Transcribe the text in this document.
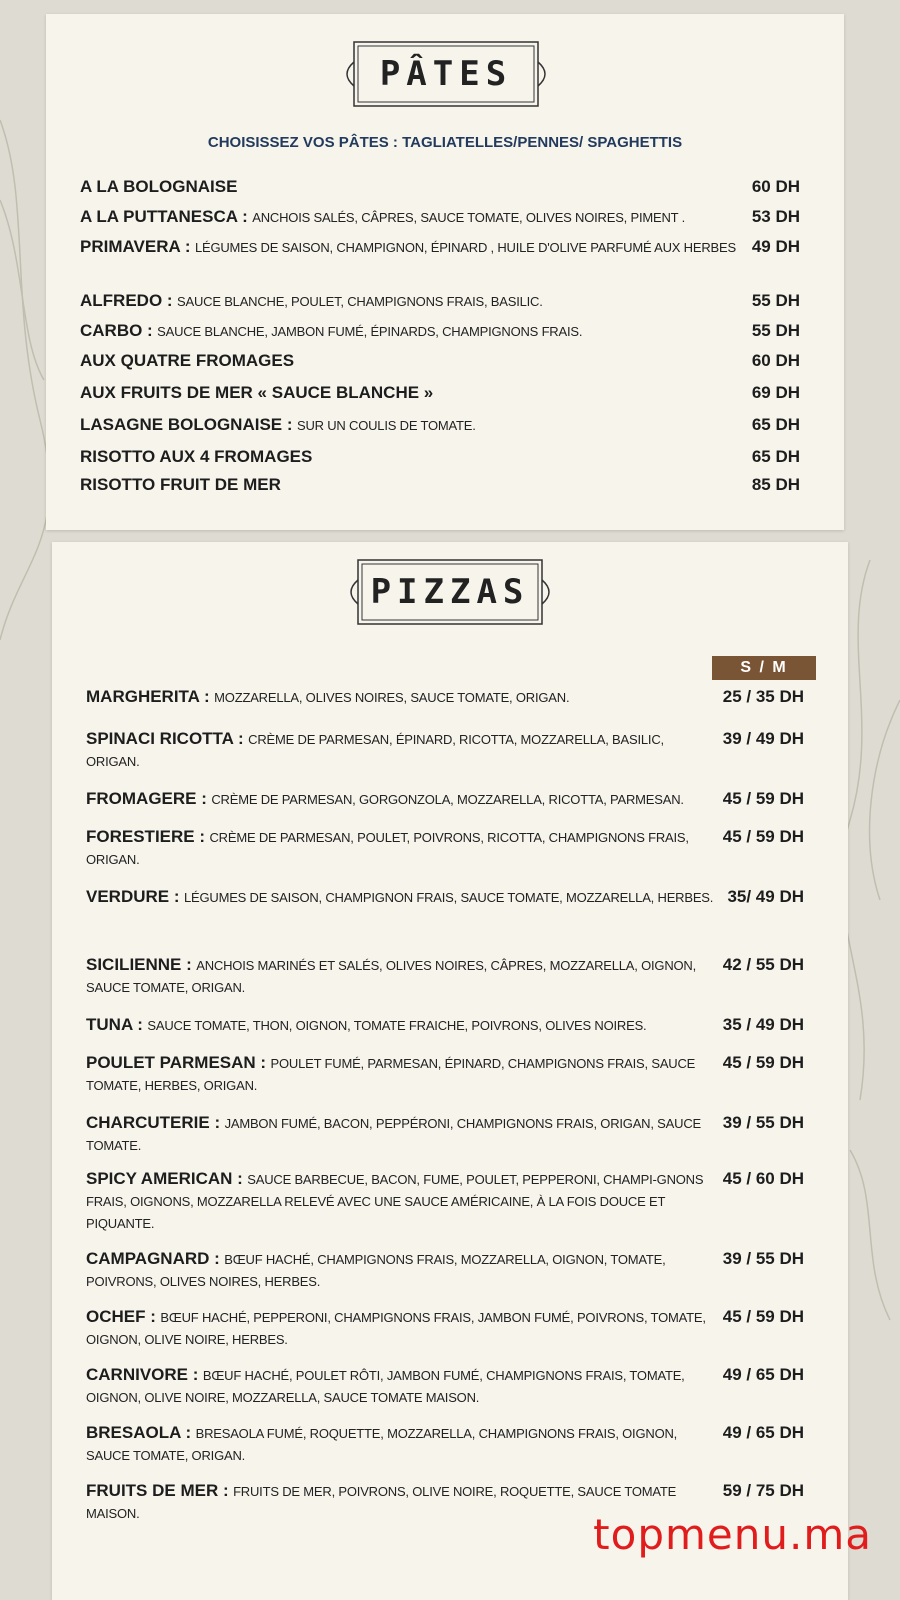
PÂTES
CHOISISSEZ VOS PÂTES : TAGLIATELLES/PENNES/ SPAGHETTIS
A LA BOLOGNAISE	60 DH
A LA PUTTANESCA : ANCHOIS SALÉS, CÂPRES, SAUCE TOMATE, OLIVES NOIRES, PIMENT .	53 DH
PRIMAVERA : LÉGUMES DE SAISON, CHAMPIGNON, ÉPINARD , HUILE D'OLIVE PARFUMÉ AUX HERBES 49 DH
ALFREDO : SAUCE BLANCHE, POULET, CHAMPIGNONS FRAIS, BASILIC.	55 DH
CARBO : SAUCE BLANCHE, JAMBON FUMÉ, ÉPINARDS, CHAMPIGNONS FRAIS.	55 DH
AUX QUATRE FROMAGES	60 DH
AUX FRUITS DE MER « SAUCE BLANCHE »	69 DH
LASAGNE BOLOGNAISE : SUR UN COULIS DE TOMATE.	65 DH
RISOTTO AUX 4 FROMAGES	65 DH
RISOTTO FRUIT DE MER	85 DH
PIZZAS
S / M
MARGHERITA : MOZZARELLA, OLIVES NOIRES, SAUCE TOMATE, ORIGAN.	25 / 35 DH
SPINACI RICOTTA : CRÈME DE PARMESAN, ÉPINARD, RICOTTA, MOZZARELLA, BASILIC, ORIGAN.
39 / 49 DH
FROMAGERE : CRÈME DE PARMESAN, GORGONZOLA, MOZZARELLA, RICOTTA, PARMESAN.	45 / 59 DH
FORESTIERE : CRÈME DE PARMESAN, POULET, POIVRONS, RICOTTA, CHAMPIGNONS FRAIS, ORIGAN.
45 / 59 DH
VERDURE : LÉGUMES DE SAISON, CHAMPIGNON FRAIS, SAUCE TOMATE, MOZZARELLA, HERBES. 35/ 49 DH
SICILIENNE : ANCHOIS MARINÉS ET SALÉS, OLIVES NOIRES, CÂPRES, MOZZARELLA, OIGNON, SAUCE TOMATE, ORIGAN.
42 / 55 DH
TUNA : SAUCE TOMATE, THON, OIGNON, TOMATE FRAICHE, POIVRONS, OLIVES NOIRES.	35 / 49 DH
POULET PARMESAN : POULET FUMÉ, PARMESAN, ÉPINARD, CHAMPIGNONS FRAIS, SAUCE TOMATE, HERBES, ORIGAN.
45 / 59 DH
CHARCUTERIE : JAMBON FUMÉ, BACON, PEPPÉRONI, CHAMPIGNONS FRAIS, ORIGAN, SAUCE TOMATE.
39 / 55 DH
SPICY AMERICAN : SAUCE BARBECUE, BACON, FUME, POULET, PEPPERONI, CHAMPI-GNONS FRAIS, OIGNONS, MOZZARELLA RELEVÉ AVEC UNE SAUCE AMÉRICAINE, À LA FOIS DOUCE ET PIQUANTE.
45 / 60 DH
CAMPAGNARD : BŒUF HACHÉ, CHAMPIGNONS FRAIS, MOZZARELLA, OIGNON, TOMATE, POIVRONS, OLIVES NOIRES, HERBES.
39 / 55 DH
OCHEF : BŒUF HACHÉ, PEPPERONI, CHAMPIGNONS FRAIS, JAMBON FUMÉ, POIVRONS, TOMATE, OIGNON, OLIVE NOIRE, HERBES.
45 / 59 DH
CARNIVORE : BŒUF HACHÉ, POULET RÔTI, JAMBON FUMÉ, CHAMPIGNONS FRAIS, TOMATE, OIGNON, OLIVE NOIRE, MOZZARELLA, SAUCE TOMATE MAISON.
49 / 65 DH
BRESAOLA : BRESAOLA FUMÉ, ROQUETTE, MOZZARELLA, CHAMPIGNONS FRAIS, OIGNON, SAUCE TOMATE, ORIGAN.
49 / 65 DH
FRUITS DE MER : FRUITS DE MER, POIVRONS, OLIVE NOIRE, ROQUETTE, SAUCE TOMATE MAISON.
59 / 75 DH
topmenu.ma
